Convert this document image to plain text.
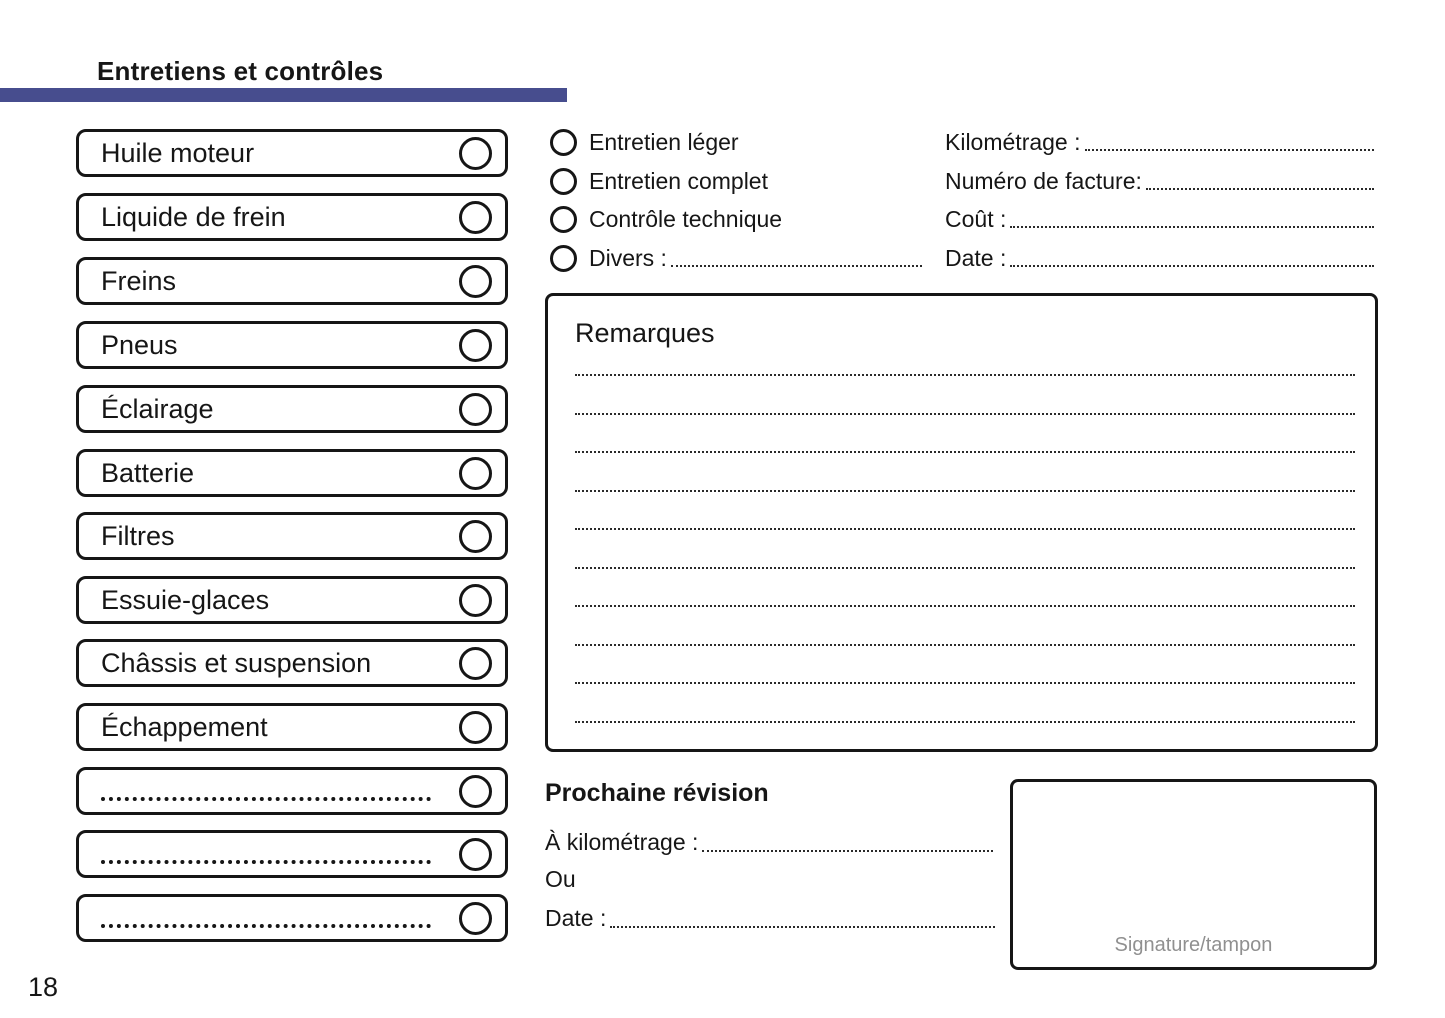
Entretiens et contrôles
Huile moteur
Liquide de frein
Freins
Pneus
Éclairage
Batterie
Filtres
Essuie-glaces
Châssis et suspension
Échappement
Entretien léger
Entretien complet
Contrôle technique
Divers :
Kilométrage :
Numéro de facture:
Coût :
Date :
Remarques
Prochaine révision
À kilométrage :
Ou
Date :
Signature/tampon
18
